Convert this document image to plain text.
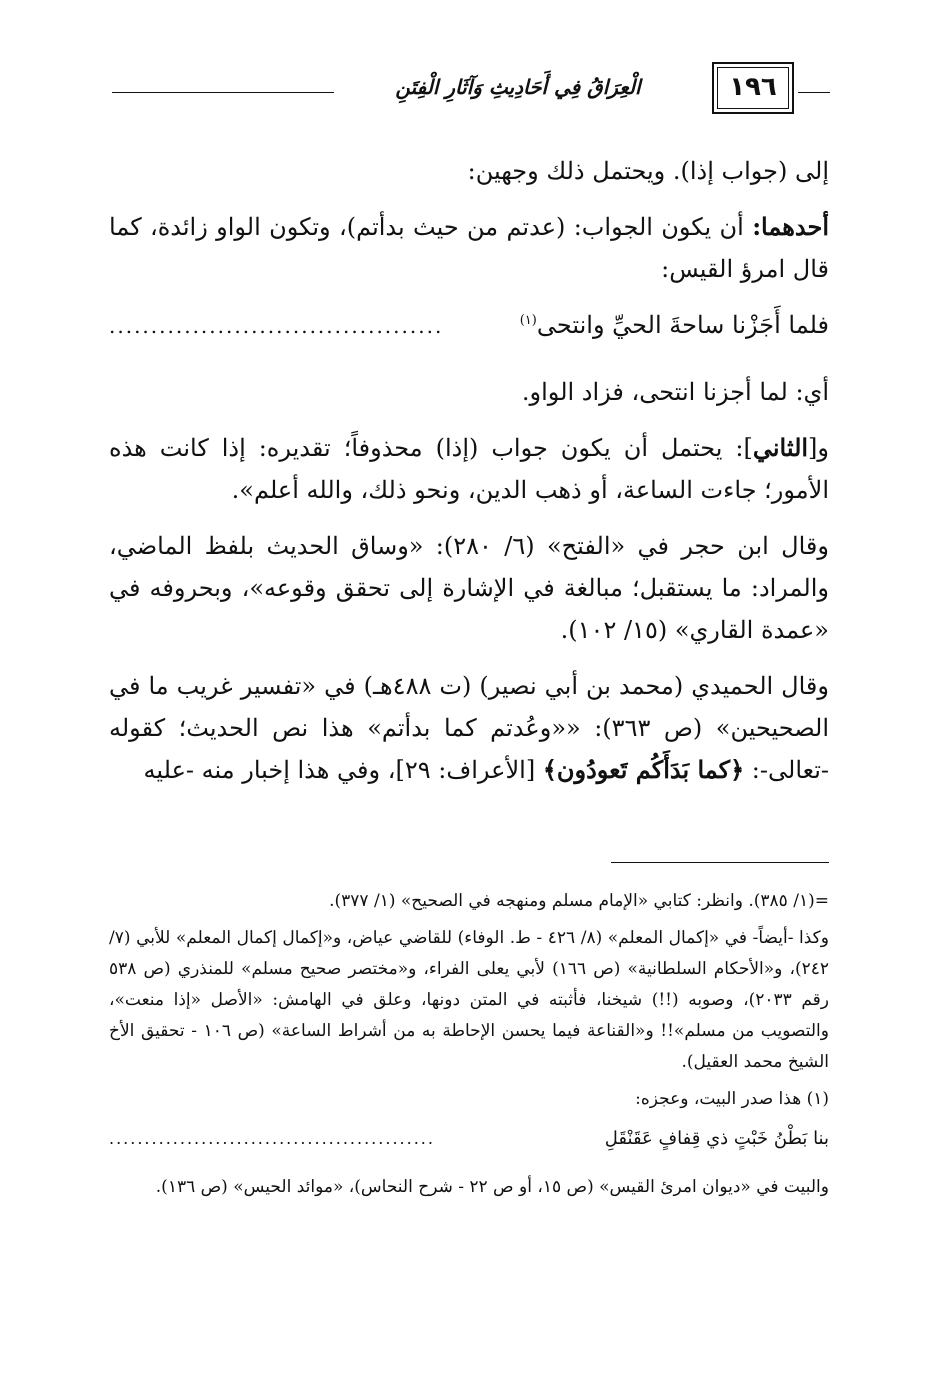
١٩٦
الْعِرَاقُ فِي أَحَادِيثِ وَآثَارِ الْفِتَنِ

إلى (جواب إذا). ويحتمل ذلك وجهين:

أحدهما: أن يكون الجواب: (عدتم من حيث بدأتم)، وتكون الواو زائدة، كما قال امرؤ القيس:

فلما أَجَزْنا ساحةَ الحيِّ وانتحى$^{(١)}$
........................................

أي: لما أجزنا انتحى، فزاد الواو.

و[الثاني]: يحتمل أن يكون جواب (إذا) محذوفاً؛ تقديره: إذا كانت هذه الأمور؛ جاءت الساعة، أو ذهب الدين، ونحو ذلك، والله أعلم».

وقال ابن حجر في «الفتح» (٦/ ٢٨٠): «وساق الحديث بلفظ الماضي، والمراد: ما يستقبل؛ مبالغة في الإشارة إلى تحقق وقوعه»، وبحروفه في «عمدة القاري» (١٥/ ١٠٢).

وقال الحميدي (محمد بن أبي نصير) (ت ٤٨٨هـ) في «تفسير غريب ما في الصحيحين» (ص ٣٦٣): ««وعُدتم كما بدأتم» هذا نص الحديث؛ كقوله -تعالى-: ﴿كما بَدَأَكُم تَعودُون﴾ [الأعراف: ٢٩]، وفي هذا إخبار منه -عليه

=(١/ ٣٨٥). وانظر: كتابي «الإمام مسلم ومنهجه في الصحيح» (١/ ٣٧٧).

وكذا -أيضاً- في «إكمال المعلم» (٨/ ٤٢٦ - ط. الوفاء) للقاضي عياض، و«إكمال إكمال المعلم» للأبي (٧/ ٢٤٢)، و«الأحكام السلطانية» (ص ١٦٦) لأبي يعلى الفراء، و«مختصر صحيح مسلم» للمنذري (ص ٥٣٨ رقم ٢٠٣٣)، وصوبه (!!) شيخنا، فأثبته في المتن دونها، وعلق في الهامش: «الأصل «إذا منعت»، والتصويب من مسلم»!! و«القناعة فيما يحسن الإحاطة به من أشراط الساعة» (ص ١٠٦ - تحقيق الأخ الشيخ محمد العقيل).

(١) هذا صدر البيت، وعجزه:

بنا بَطْنُ خَبْتٍ ذي قِفافٍ عَقَنْقَلِ
..............................................

والبيت في «ديوان امرئ القيس» (ص ١٥، أو ص ٢٢ - شرح النحاس)، «موائد الحيس» (ص ١٣٦).
